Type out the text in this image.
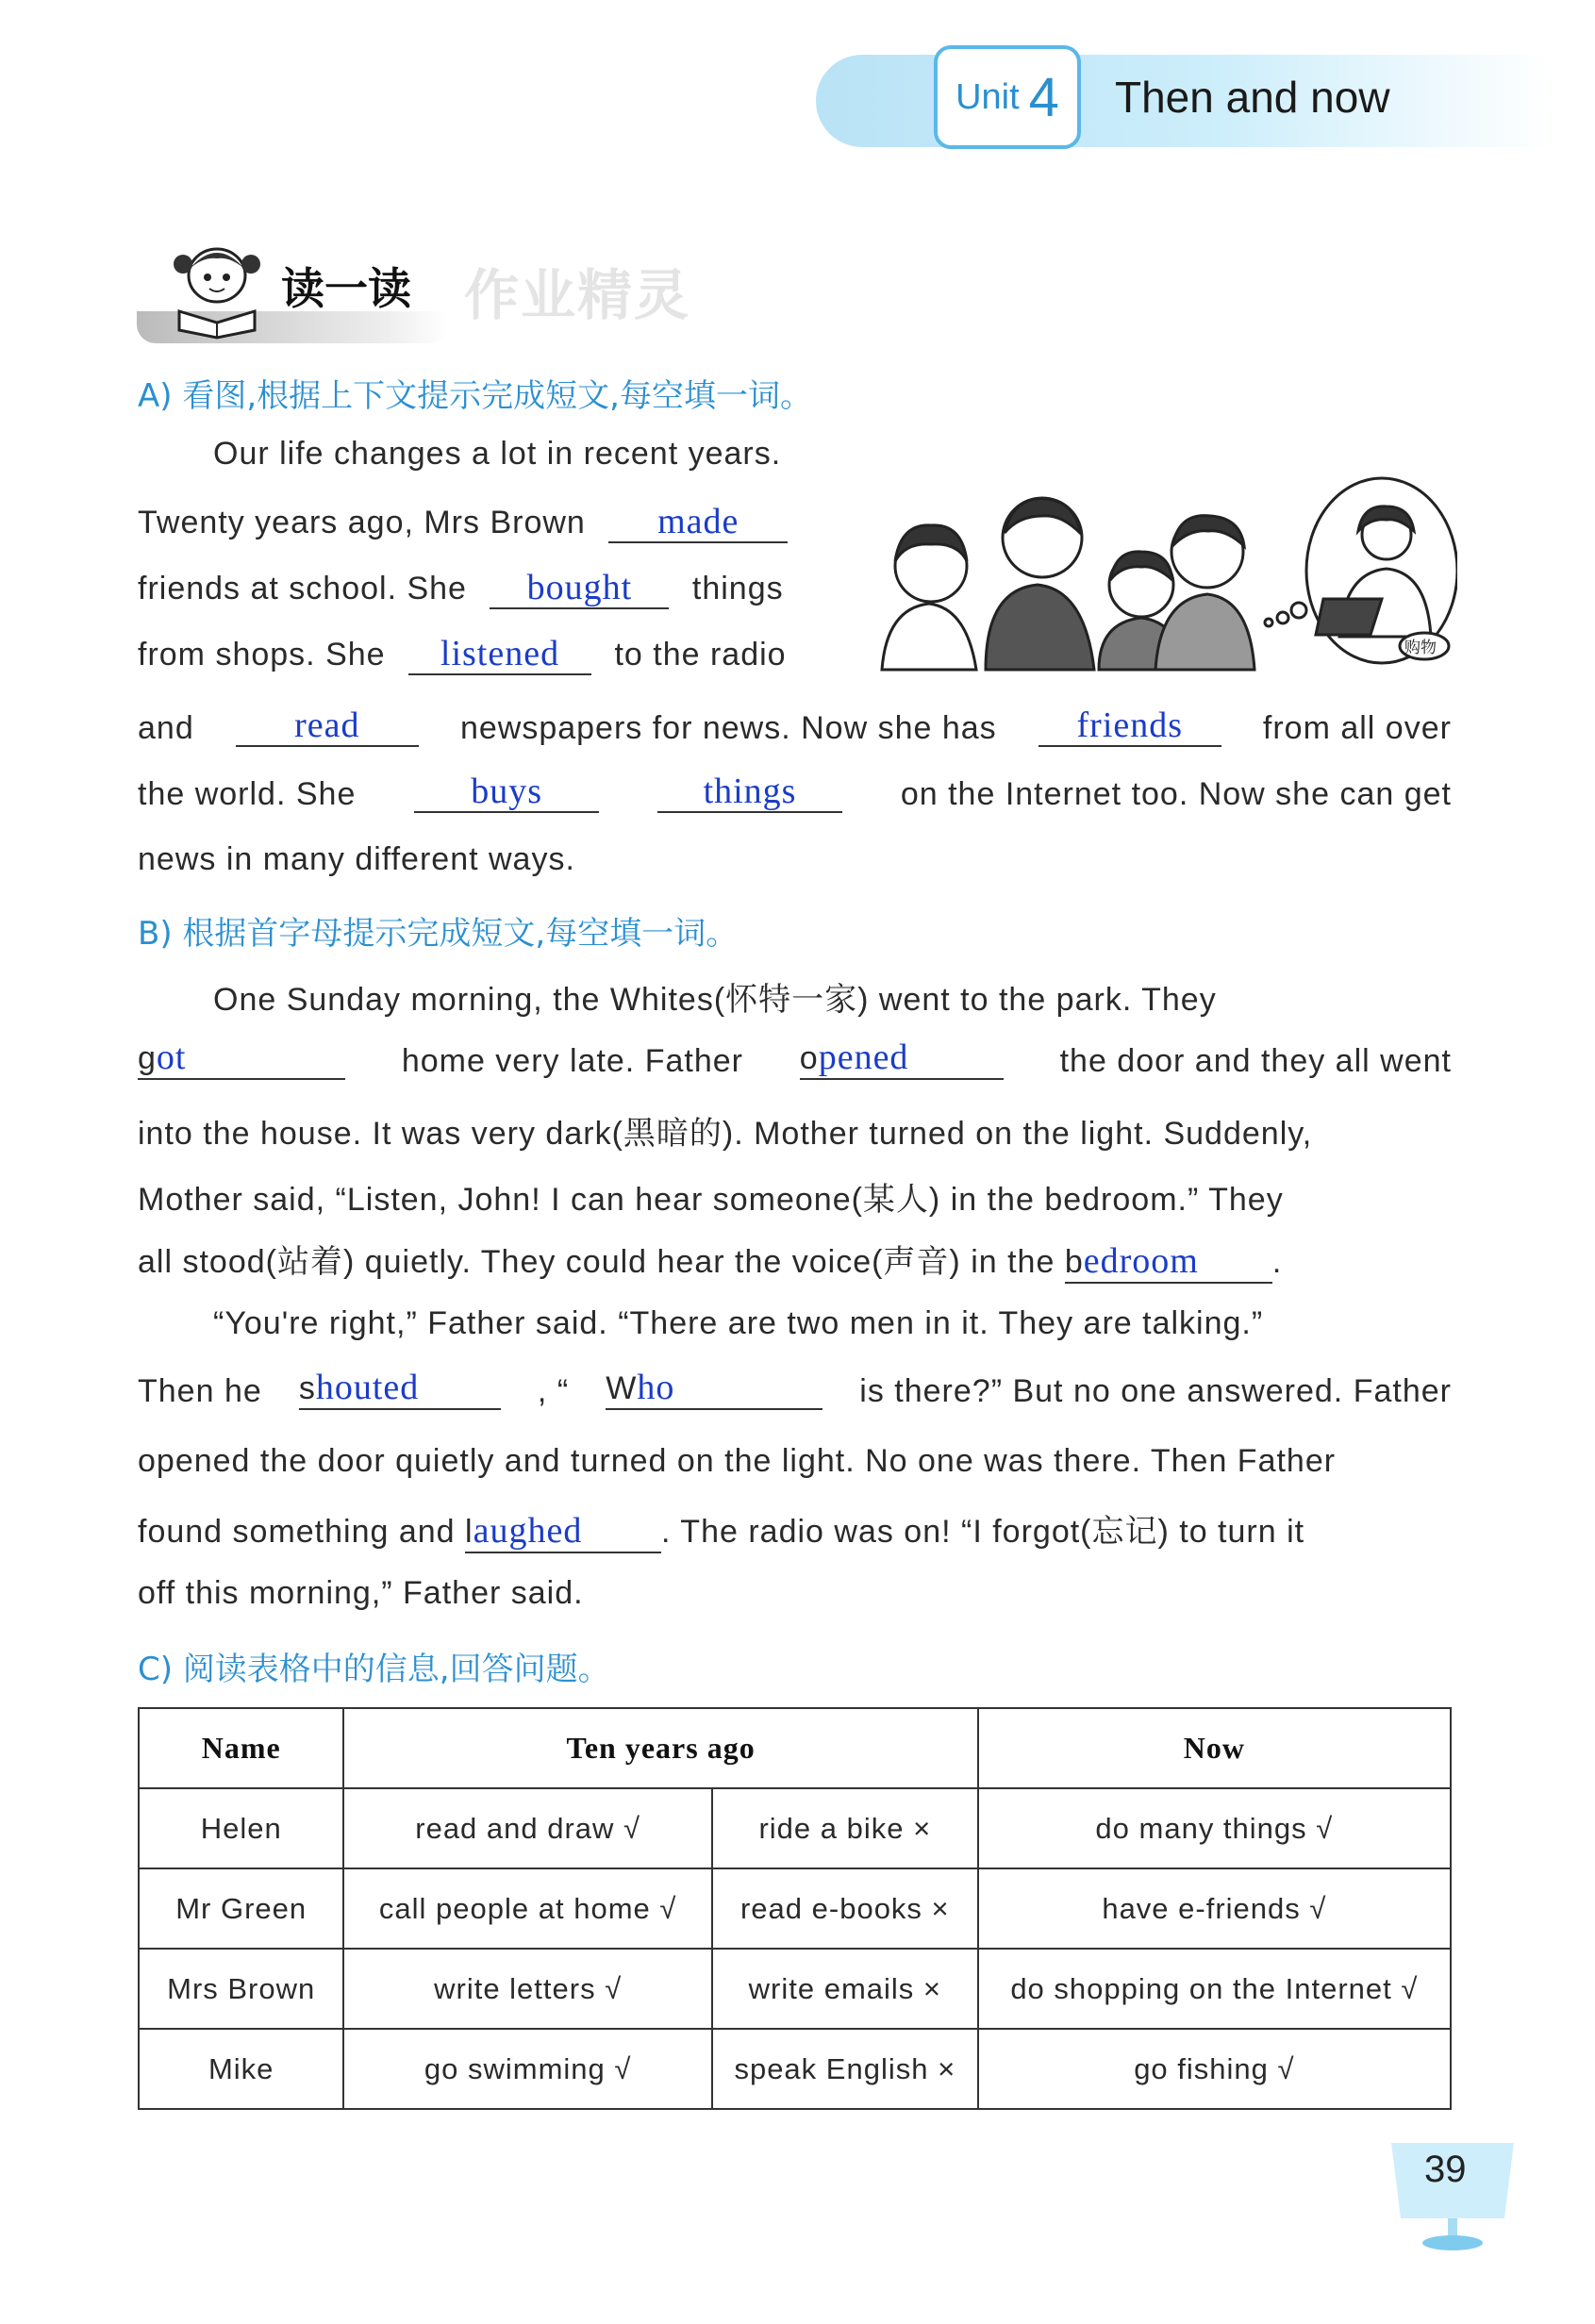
Unit 4 Then and now
读一读 作业精灵
A) 看图,根据上下文提示完成短文,每空填一词。
Our life changes a lot in recent years.
Twenty years ago, Mrs Brown made
friends at school. She bought things
from shops. She listened to the radio	购物
and	read	newspapers for news. Now she has	friends	from all over
the world. She	buys	things	on the Internet too. Now she can get
news in many different ways.
B) 根据首字母提示完成短文,每空填一词。
One Sunday morning, the Whites(怀特一家) went to the park. They
got	home very late. Father opened	the door and they all went
into the house. It was very dark(黑暗的). Mother turned on the light. Suddenly,
Mother said, “Listen, John! I can hear someone(某人) in the bedroom.” They
all stood(站着) quietly. They could hear the voice(声音) in the bedroom .
“You're right,” Father said. “There are two men in it. They are talking.”
Then he shouted	, “ Who	is there?” But no one answered. Father
opened the door quietly and turned on the light. No one was there. Then Father
found something and laughed . The radio was on! “I forgot(忘记) to turn it
off this morning,” Father said.
C) 阅读表格中的信息,回答问题。
Name	Ten years ago		Now
Helen	read and draw √	ride a bike ×	do many things √
Mr Green	call people at home √	read e-books ×	have e-friends √
Mrs Brown	write letters √	write emails ×	do shopping on the Internet √
Mike	go swimming √	speak English ×	go fishing √
39
